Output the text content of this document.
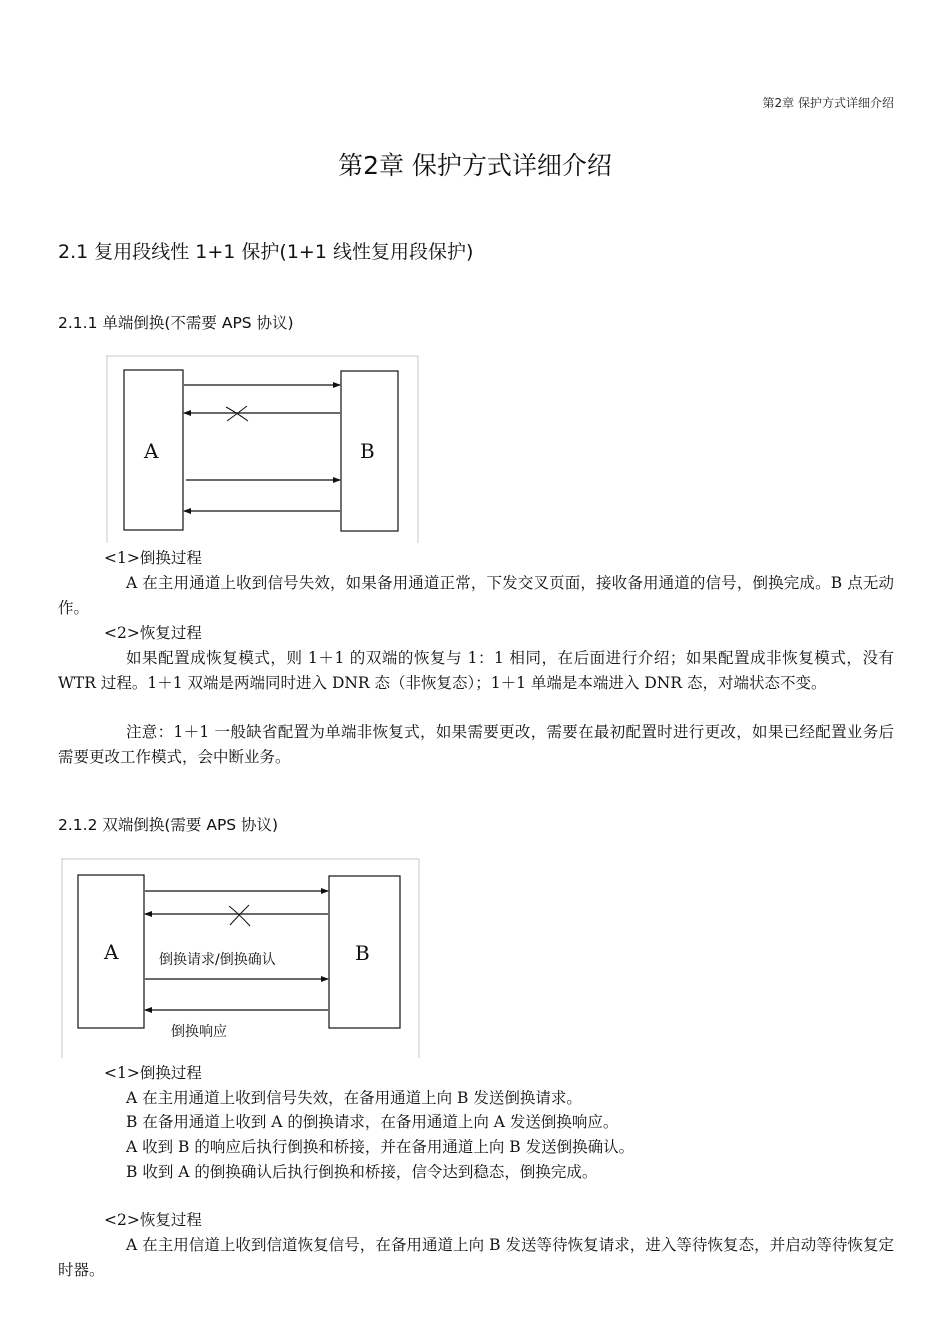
第2章 保护方式详细介绍
第2章 保护方式详细介绍
2.1 复用段线性 1+1 保护(1+1 线性复用段保护)
2.1.1 单端倒换(不需要 APS 协议)
A	B
<1>倒换过程

A 在主用通道上收到信号失效，如果备用通道正常，下发交叉页面，接收备用通道的信号，倒换完成。B 点无动作。

<2>恢复过程

如果配置成恢复模式，则 1＋1 的双端的恢复与 1：1 相同，在后面进行介绍；如果配置成非恢复模式，没有 WTR 过程。1＋1 双端是两端同时进入 DNR 态（非恢复态）；1＋1 单端是本端进入 DNR 态，对端状态不变。

注意：1＋1 一般缺省配置为单端非恢复式，如果需要更改，需要在最初配置时进行更改，如果已经配置业务后需要更改工作模式，会中断业务。

2.1.2 双端倒换(需要 APS 协议)
A	B
倒换请求/倒换确认
倒换响应
<1>倒换过程
A 在主用通道上收到信号失效，在备用通道上向 B 发送倒换请求。
B 在备用通道上收到 A 的倒换请求，在备用通道上向 A 发送倒换响应。
A 收到 B 的响应后执行倒换和桥接，并在备用通道上向 B 发送倒换确认。
B 收到 A 的倒换确认后执行倒换和桥接，信令达到稳态，倒换完成。
<2>恢复过程

A 在主用信道上收到信道恢复信号，在备用通道上向 B 发送等待恢复请求，进入等待恢复态，并启动等待恢复定时器。
